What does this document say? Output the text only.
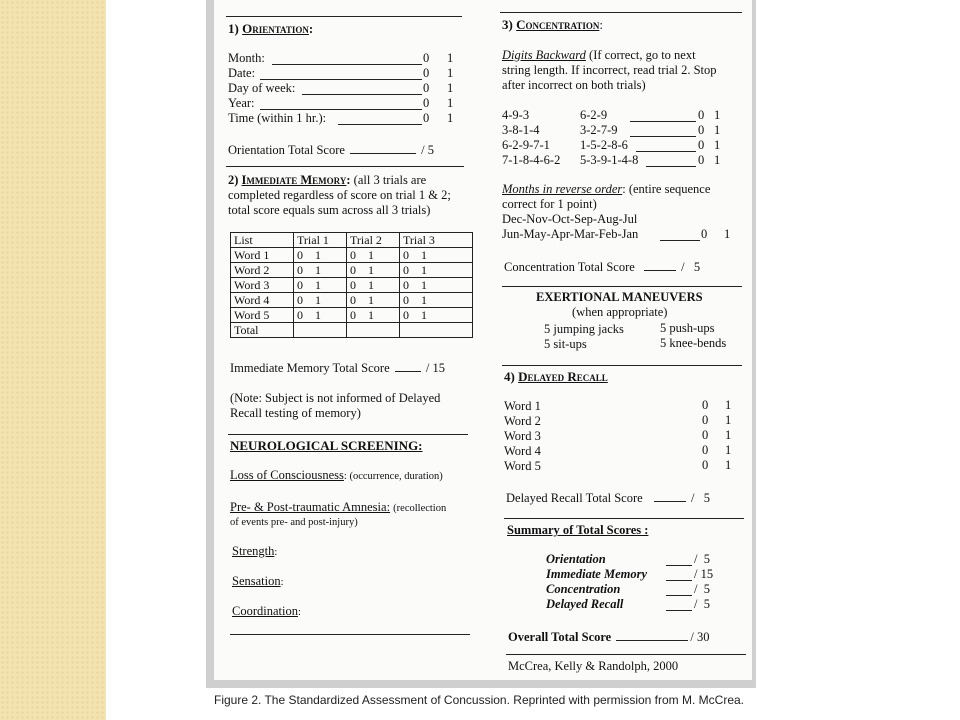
1) Orientation:
Month:	0	1
Date:	0	1
Day of week:	0	1
Year:	0	1
Time (within 1 hr.):	0	1
Orientation Total Score	/ 5
2) Immediate Memory: (all 3 trials are
completed regardless of score on trial 1 & 2;
total score equals sum across all 3 trials)
List	Trial 1	Trial 2	Trial 3
Word 1	0    1	0    1	0    1
Word 2	0    1	0    1	0    1
Word 3	0    1	0    1	0    1
Word 4	0    1	0    1	0    1
Word 5	0    1	0    1	0    1
Total			
Immediate Memory Total Score	/ 15
(Note: Subject is not informed of Delayed
Recall testing of memory)
NEUROLOGICAL SCREENING:
Loss of Consciousness: (occurrence, duration)
Pre- & Post-traumatic Amnesia: (recollection
of events pre- and post-injury)
Strength:
Sensation:
Coordination:
3) Concentration:
Digits Backward (If correct, go to next
string length. If incorrect, read trial 2. Stop
after incorrect on both trials)
4-9-3	6-2-9	0 1
3-8-1-4	3-2-7-9	0 1
6-2-9-7-1 1-5-2-8-6	0 1
7-1-8-4-6-2 5-3-9-1-4-8	0 1
Months in reverse order: (entire sequence
correct for 1 point)
Dec-Nov-Oct-Sep-Aug-Jul
Jun-May-Apr-Mar-Feb-Jan	0	1
Concentration Total Score	/   5
EXERTIONAL MANEUVERS
(when appropriate)
5 jumping jacks	5 push-ups
5 sit-ups	5 knee-bends
4) Delayed Recall
Word 1	0	1
Word 2	0	1
Word 3	0	1
Word 4	0	1
Word 5	0	1
Delayed Recall Total Score	/   5
Summary of Total Scores :
Orientation	/  5
Immediate Memory	/ 15
Concentration	/  5
Delayed Recall	/  5
Overall Total Score	/ 30
McCrea, Kelly & Randolph, 2000
Figure 2. The Standardized Assessment of Concussion. Reprinted with permission from M. McCrea.
